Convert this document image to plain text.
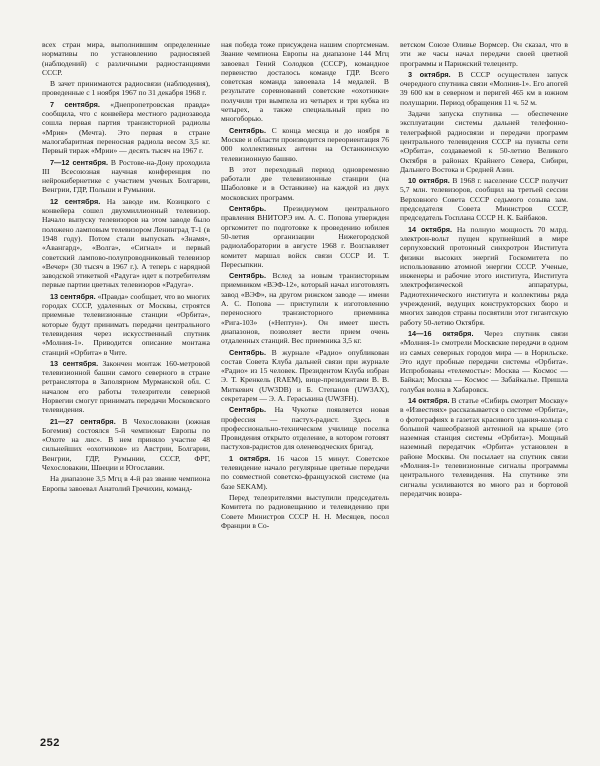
всех стран мира, выполнившим определенные нормативы по установлению радиосвязей (наблюдений) с различными радиостанциями СССР.

В зачет принимаются радиосвязи (наблюдения), проведенные с 1 ноября 1967 по 31 декабря 1968 г.

7 сентября. «Днепропетровская правда» сообщила, что с конвейера местного радиозавода сошла первая партия транзисторной радиолы «Мрия» (Мечта). Это первая в стране малогабаритная переносная радиола весом 3,5 кг. Первый тираж «Мрии» — десять тысяч на 1967 г.

7—12 сентября. В Ростове-на-Дону проходила III Всесоюзная научная конференция по нейрокибернетике с участием ученых Болгарии, Венгрии, ГДР, Польши и Румынии.

12 сентября. На заводе им. Козицкого с конвейера сошел двухмиллионный телевизор. Начало выпуску телевизоров на этом заводе было положено ламповым телевизором Ленинград Т-1 (в 1948 году). Потом стали выпускать «Знамя», «Авангард», «Волга», «Сигнал» и первый советский лампово-полупроводниковый телевизор «Вечер» (30 тысяч в 1967 г.). А теперь с нарядной заводской этикеткой «Радуга» идет к потребителям первые партии цветных телевизоров «Радуга».

13 сентября. «Правда» сообщает, что во многих городах СССР, удаленных от Москвы, строятся приемные телевизионные станции «Орбита», которые будут принимать передачи центрального телевидения через искусственный спутник «Молния-1». Приводится описание монтажа станций «Орбита» в Чите.

13 сентября. Закончен монтаж 160-метровой телевизионной башни самого северного в стране ретранслятора в Заполярном Мурманской обл. С началом его работы телезрители северной Норвегии смогут принимать передачи Московского телевидения.

21—27 сентября. В Чехословакии (южная Богемия) состоялся 5-й чемпионат Европы по «Охоте на лис». В нем приняло участие 48 сильнейших «охотников» из Австрии, Болгарии, Венгрии, ГДР, Румынии, СССР, ФРГ, Чехословакии, Швеции и Югославии.

На диапазоне 3,5 Мгц в 4-й раз звание чемпиона Европы завоевал Анатолий Гречихин, команд-

ная победа тоже присуждена нашим спортсменам. Звание чемпиона Европы на диапазоне 144 Мгц завоевал Гений Солодков (СССР), командное первенство досталось команде ГДР. Всего советская команда завоевала 14 медалей. В результате соревнований советские «охотники» получили три вымпела из четырех и три кубка из четырех, а также специальный приз по многоборью.

Сентябрь. С конца месяца и до ноября в Москве и области производится переориентация 76 000 коллективных антенн на Останкинскую телевизионную башню.

В этот переходный период одновременно работали две телевизионные станции (на Шаболовке и в Останкине) на каждой из двух московских программ.

Сентябрь. Президиумом центрального правления ВНИТОРЭ им. А. С. Попова утвержден оргкомитет по подготовке к проведению юбилея 50-летия организации Нижегородской радиолаборатории в августе 1968 г. Возглавляет комитет маршал войск связи СССР И. Т. Пересыпкин.

Сентябрь. Вслед за новым транзисторным приемником «ВЭФ-12», который начал изготовлять завод «ВЭФ», на другом рижском заводе — имени А. С. Попова — приступили к изготовлению переносного транзисторного приемника «Рига-103» («Нептун»). Он имеет шесть диапазонов, позволяет вести прием очень отдаленных станций. Вес приемника 3,5 кг.

Сентябрь. В журнале «Радио» опубликован состав Совета Клуба дальней связи при журнале «Радио» из 15 человек. Президентом Клуба избран Э. Т. Кренкель (RAEM), вице-президентами В. В. Миткевич (UW3DB) и Б. Степанов (UW3AX), секретарем — Э. А. Гераськина (UW3FH).

Сентябрь. На Чукотке появляется новая профессия — пастух-радист. Здесь в профессионально-техническом училище поселка Провидения открыто отделение, в котором готовят пастухов-радистов для оленеводческих бригад.

1 октября. 16 часов 15 минут. Советское телевидение начало регулярные цветные передачи по совместной советско-французской системе (на базе SEKAM).

Перед телезрителями выступили председатель Комитета по радиовещанию и телевидению при Совете Министров СССР Н. Н. Месяцев, посол Франции в Со-

ветском Союзе Оливье Вормсер. Он сказал, что в эти же часы начал передачи своей цветной программы и Парижский телецентр.

3 октября. В СССР осуществлен запуск очередного спутника связи «Молния-1». Его апогей 39 600 км в северном и перигей 465 км в южном полушарии. Период обращения 11 ч. 52 м.

Задачи запуска спутника — обеспечение эксплуатации системы дальней телефонно-телеграфной радиосвязи и передачи программ центрального телевидения СССР на пункты сети «Орбита», создаваемой к 50-летию Великого Октября в районах Крайнего Севера, Сибири, Дальнего Востока и Средней Азии.

10 октября. В 1968 г. население СССР получит 5,7 млн. телевизоров, сообщил на третьей сессии Верховного Совета СССР седьмого созыва зам. председателя Совета Министров СССР, председатель Госплана СССР Н. К. Байбаков.

14 октября. На полную мощность 70 млрд. электрон-вольт пущен крупнейший в мире серпуховский протонный синхротрон Института физики высоких энергий Госкомитета по использованию атомной энергии СССР. Ученые, инженеры и рабочие этого института, Института электрофизической аппаратуры, Радиотехнического института и коллективы ряда учреждений, ведущих конструкторских бюро и многих заводов страны посвятили этот гигантскую работу 50-летию Октября.

14—16 октября. Через спутник связи «Молния-1» смотрели Москвские передачи в одном из самых северных городов мира — в Норильске. Это идут пробные передачи системы «Орбита». Испробованы «телемосты»: Москва — Космос — Байкал; Москва — Космос — Забайкалье. Пришла голубая волна в Хабаровск.

14 октября. В статье «Сибирь смотрит Москву» в «Известиях» рассказывается о системе «Орбита», о фотографиях в газетах красивого здания-кольца с большой чашеобразной антенной на крыше (это наземная станция системы «Орбита»). Мощный наземный передатчик «Орбита» установлен в районе Москвы. Он посылает на спутник связи «Молния-1» телевизионные сигналы программы центрального телевидения. На спутнике эти сигналы усиливаются во много раз и бортовой передатчик возвра-

252
